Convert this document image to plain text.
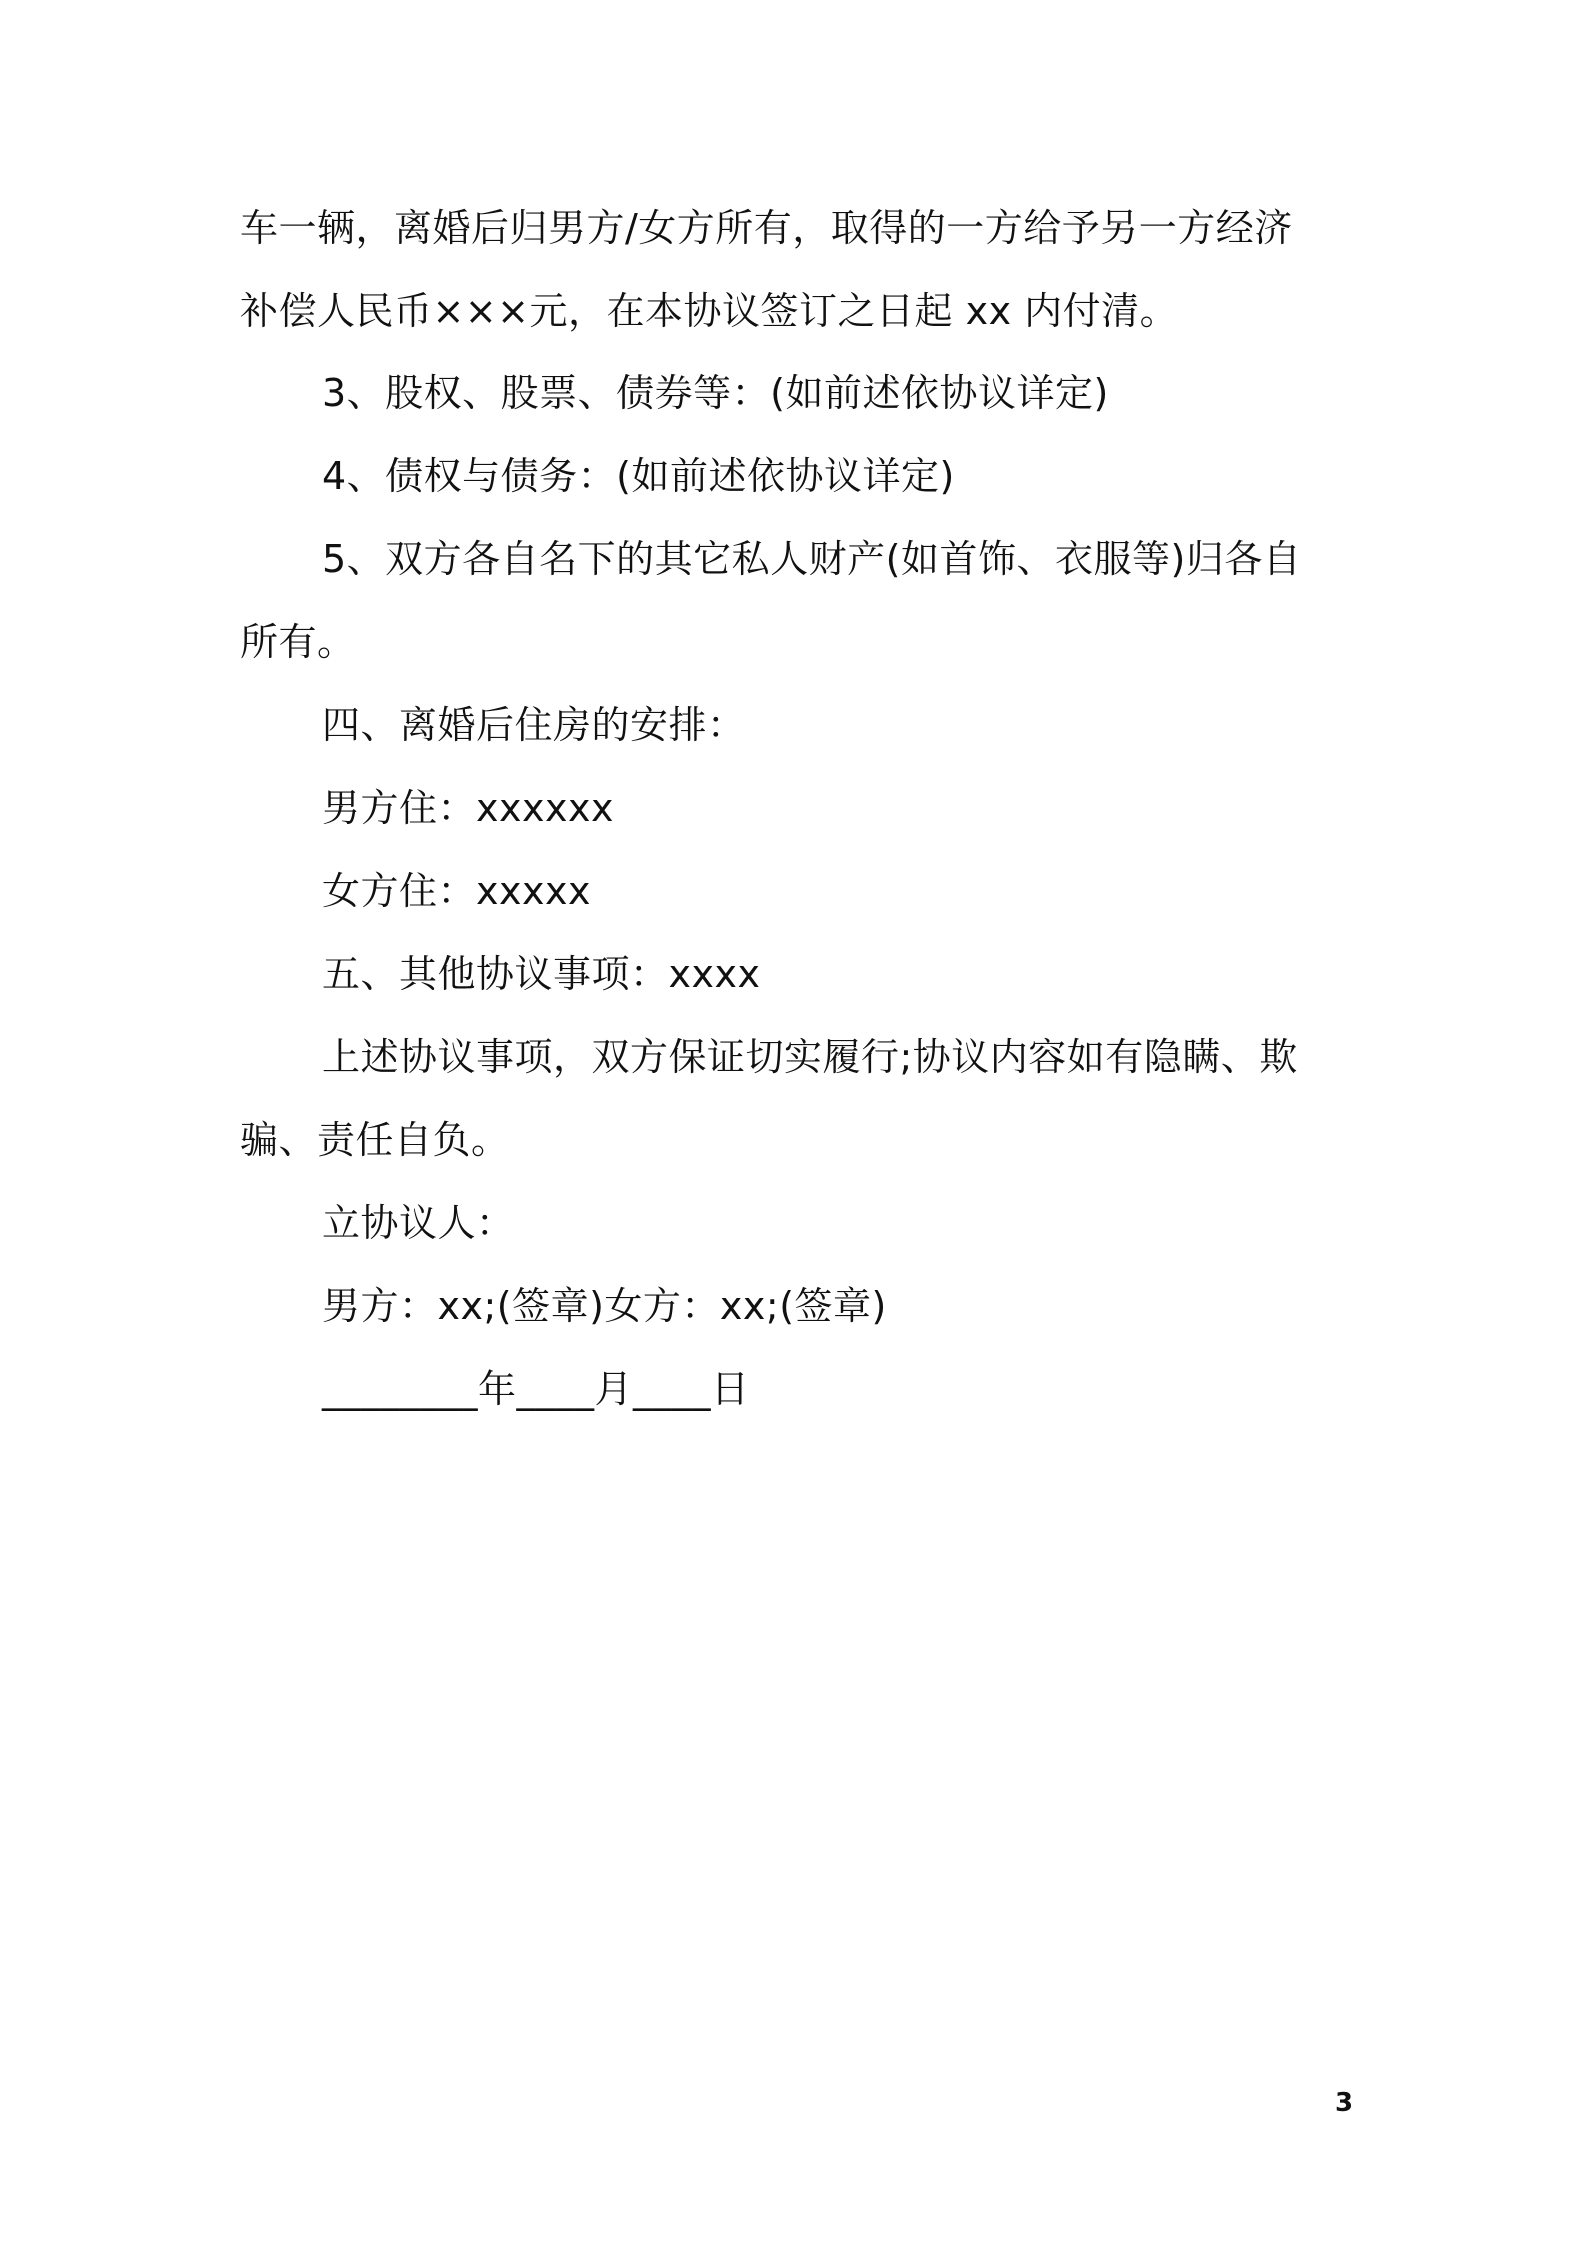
车一辆，离婚后归男方/女方所有，取得的一方给予另一方经济
补偿人民币×××元，在本协议签订之日起 xx 内付清。
3、股权、股票、债券等：(如前述依协议详定)
4、债权与债务：(如前述依协议详定)
5、双方各自名下的其它私人财产(如首饰、衣服等)归各自
所有。
四、离婚后住房的安排：
男方住：xxxxxx
女方住：xxxxx
五、其他协议事项：xxxx
上述协议事项，双方保证切实履行;协议内容如有隐瞒、欺
骗、责任自负。
立协议人：
男方：xx;(签章)女方：xx;(签章)
________年____月____日
3
